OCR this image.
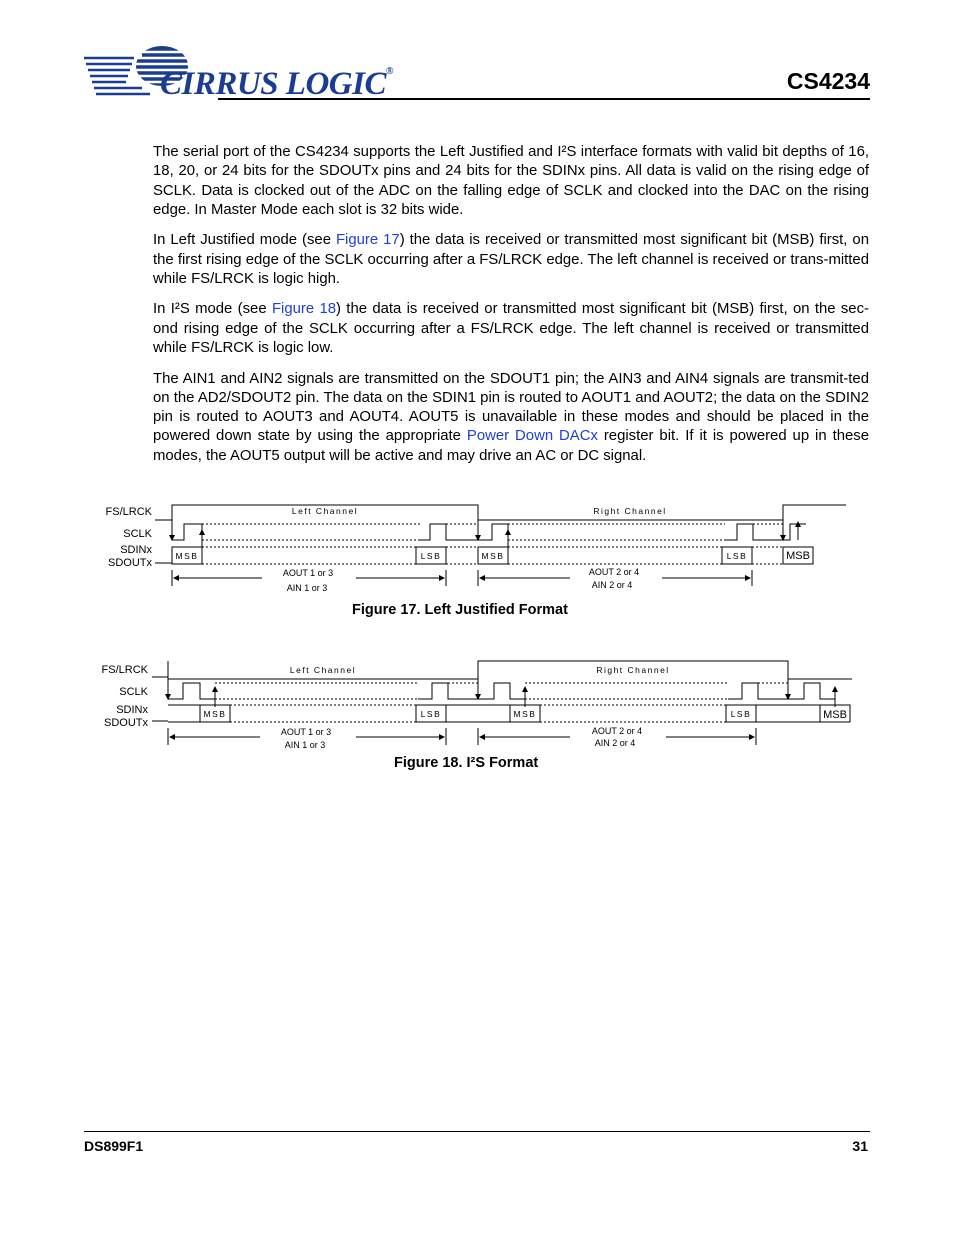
CIRRUS LOGIC®	CS4234

The serial port of the CS4234 supports the Left Justified and I²S interface formats with valid bit depths of 16, 18, 20, or 24 bits for the SDOUTx pins and 24 bits for the SDINx pins. All data is valid on the rising edge of SCLK. Data is clocked out of the ADC on the falling edge of SCLK and clocked into the DAC on the rising edge. In Master Mode each slot is 32 bits wide.

In Left Justified mode (see Figure 17) the data is received or transmitted most significant bit (MSB) first, on the first rising edge of the SCLK occurring after a FS/LRCK edge. The left channel is received or trans-mitted while FS/LRCK is logic high.

In I²S mode (see Figure 18) the data is received or transmitted most significant bit (MSB) first, on the sec-ond rising edge of the SCLK occurring after a FS/LRCK edge. The left channel is received or transmitted while FS/LRCK is logic low.

The AIN1 and AIN2 signals are transmitted on the SDOUT1 pin; the AIN3 and AIN4 signals are transmit-ted on the AD2/SDOUT2 pin. The data on the SDIN1 pin is routed to AOUT1 and AOUT2; the data on the SDIN2 pin is routed to AOUT3 and AOUT4. AOUT5 is unavailable in these modes and should be placed in the powered down state by using the appropriate Power Down DACx register bit. If it is powered up in these modes, the AOUT5 output will be active and may drive an AC or DC signal.

FS/LRCK
SCLK
SDINx
SDOUTx
Left Channel	Right Channel
MSB	LSB	MSB	LSB	MSB
AOUT 1 or 3
AIN 1 or 3
AOUT 2 or 4
AIN 2 or 4
Figure 17. Left Justified Format
FS/LRCK
SCLK
SDINx
SDOUTx
Left Channel	Right Channel
MSB	LSB	MSB	LSB	MSB
AOUT 1 or 3
AIN 1 or 3
AOUT 2 or 4
AIN 2 or 4
Figure 18. I²S Format
DS899F1	31
